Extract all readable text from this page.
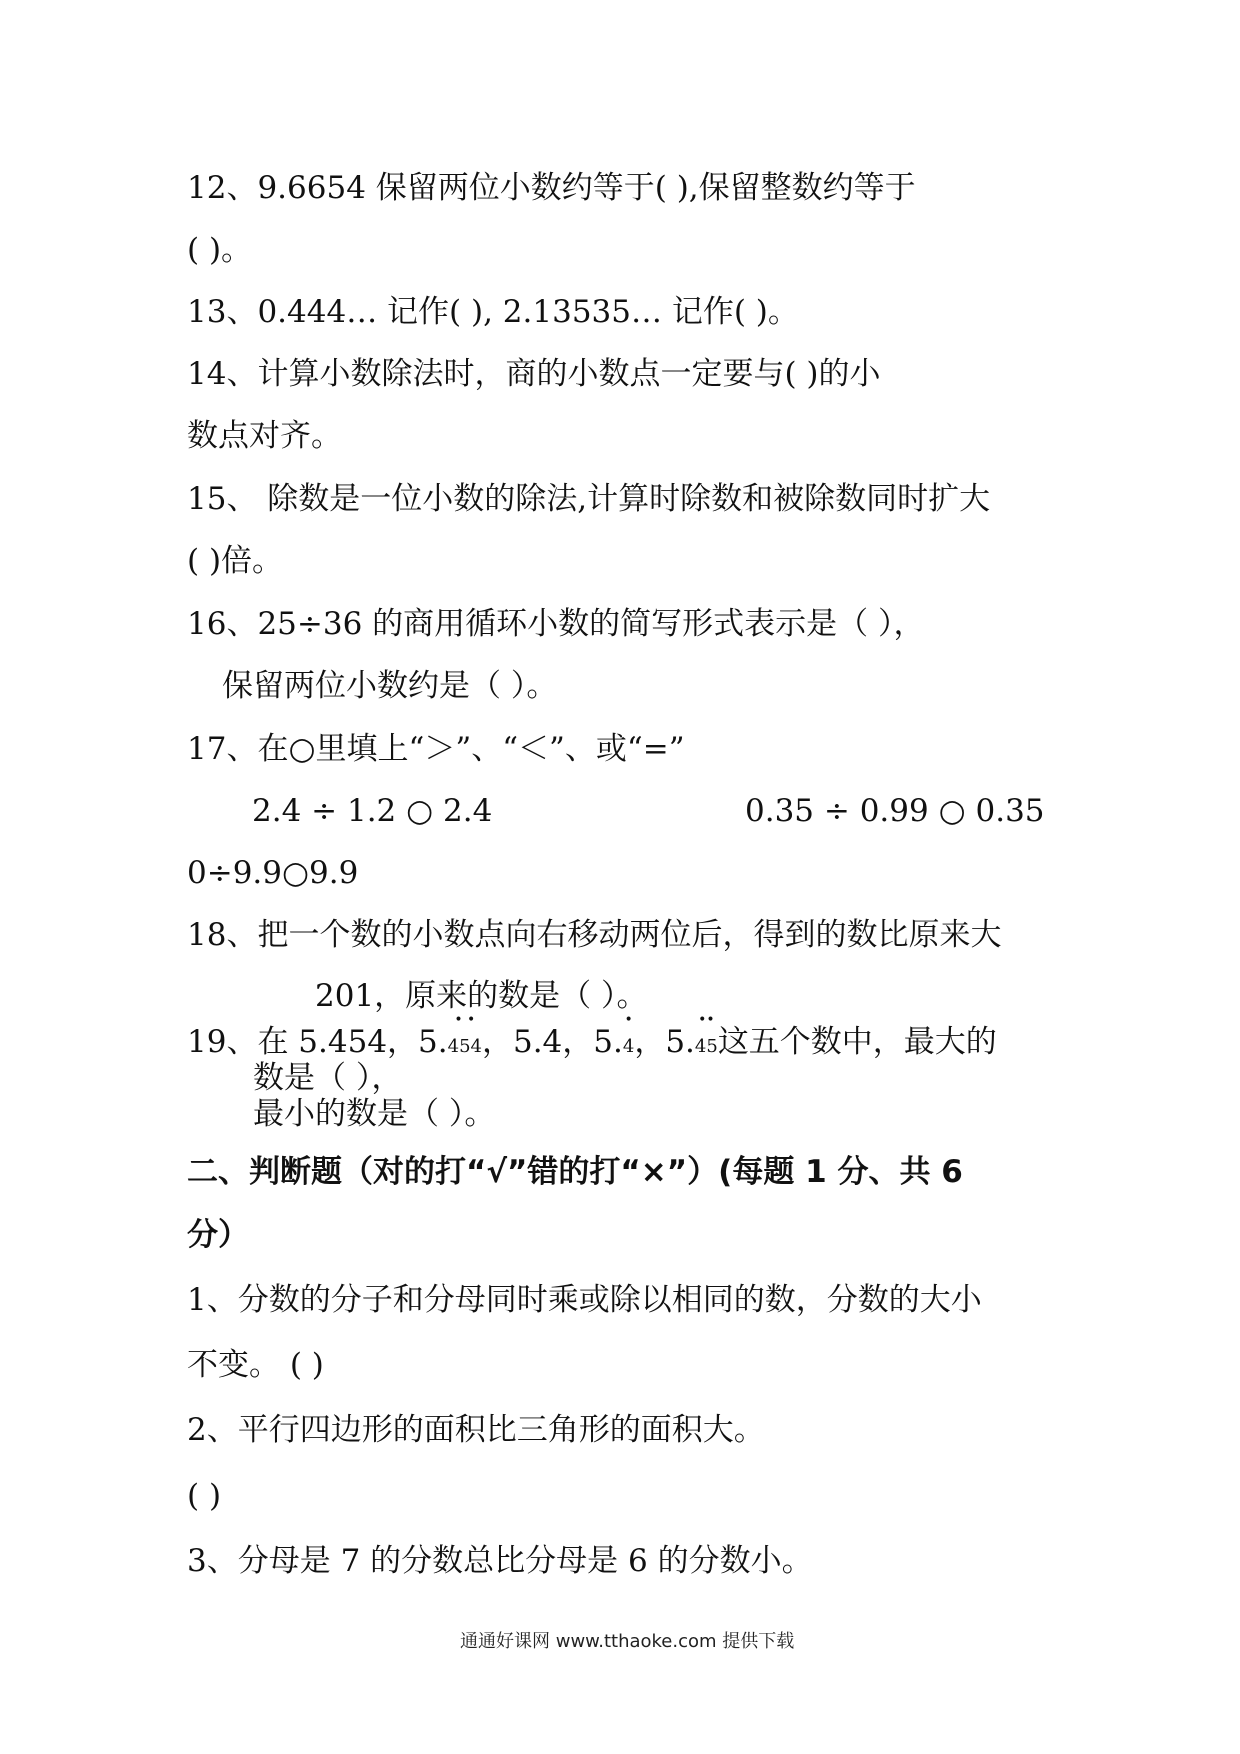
12、9.6654 保留两位小数约等于( ),保留整数约等于
( )。
13、0.444… 记作( ), 2.13535… 记作( )。
14、计算小数除法时，商的小数点一定要与( )的小
数点对齐。
15、 除数是一位小数的除法,计算时除数和被除数同时扩大
( )倍。
16、25÷36 的商用循环小数的简写形式表示是（ ），
保留两位小数约是（ ）。
17、在○里填上“＞”、“＜”、或“=”
2.4 ÷ 1.2 ○ 2.4	0.35 ÷ 0.99 ○ 0.35
0÷9.9○9.9
18、把一个数的小数点向右移动两位后，得到的数比原来大
201，原来的数是（ ）。
19、在 5.454，5.
• •
454，5.4，5.
•
4，5.
••
45这五个数中，最大的
数是（ ），
最小的数是（ ）。
二、判断题（对的打“√”错的打“×”）(每题 1 分、共 6
分）
1、分数的分子和分母同时乘或除以相同的数，分数的大小
不变。 ( )
2、平行四边形的面积比三角形的面积大。
( )
3、分母是 7 的分数总比分母是 6 的分数小。
通通好课网 www.tthaoke.com 提供下载
